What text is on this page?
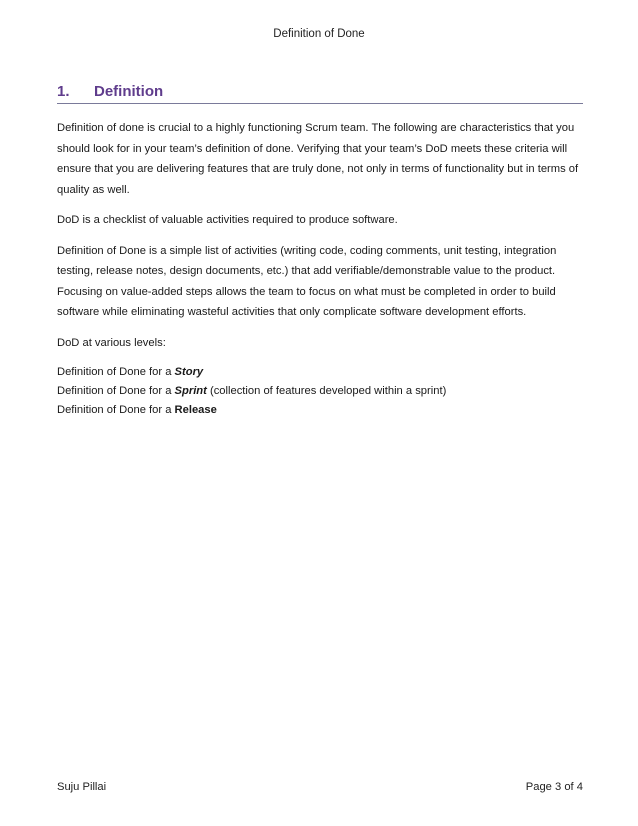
Definition of Done
1. Definition

Definition of done is crucial to a highly functioning Scrum team. The following are characteristics that you should look for in your team’s definition of done. Verifying that your team’s DoD meets these criteria will ensure that you are delivering features that are truly done, not only in terms of functionality but in terms of quality as well.

DoD is a checklist of valuable activities required to produce software.

Definition of Done is a simple list of activities (writing code, coding comments, unit testing, integration testing, release notes, design documents, etc.) that add verifiable/demonstrable value to the product. Focusing on value-added steps allows the team to focus on what must be completed in order to build software while eliminating wasteful activities that only complicate software development efforts.

DoD at various levels:

Definition of Done for a Story
Definition of Done for a Sprint (collection of features developed within a sprint)
Definition of Done for a Release
Suju Pillai	Page 3 of 4
